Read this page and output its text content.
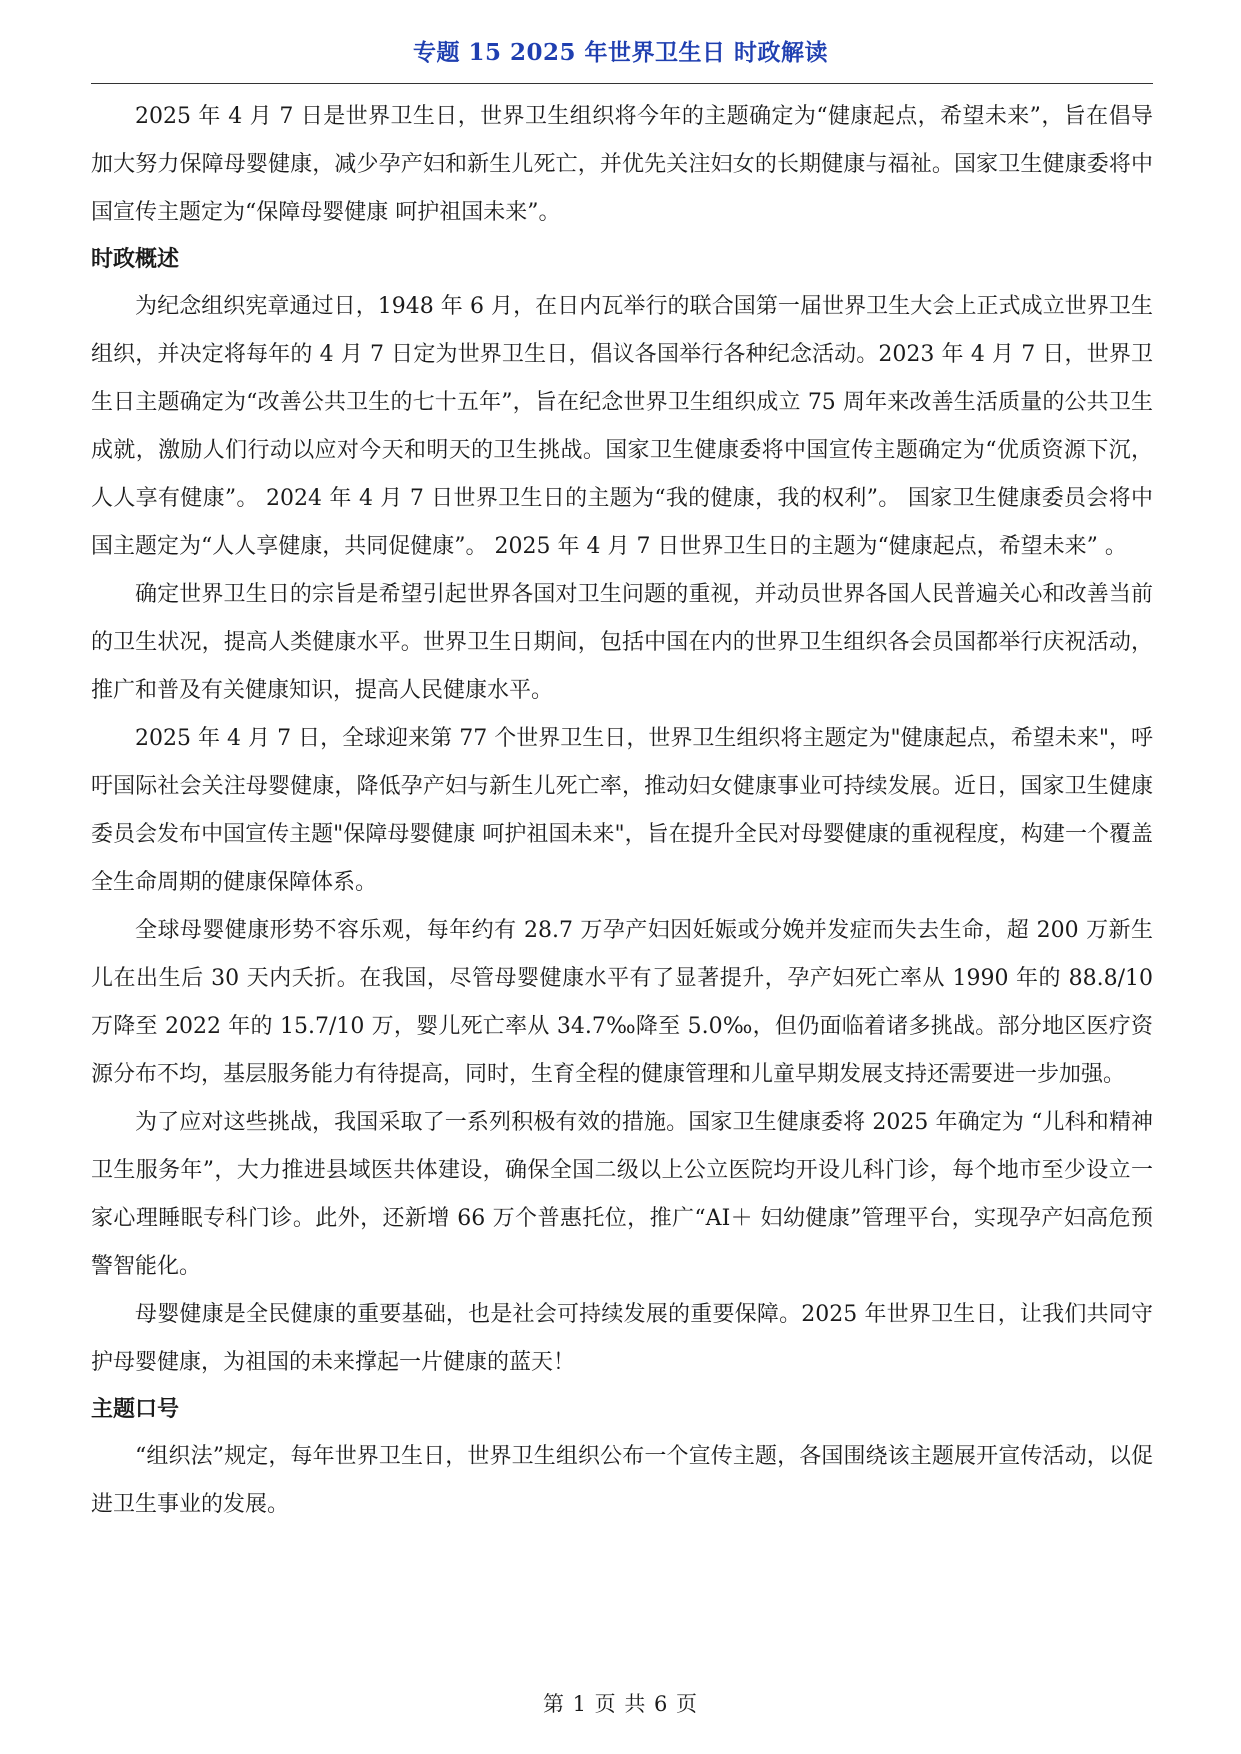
专题 15 2025 年世界卫生日 时政解读

2025 年 4 月 7 日是世界卫生日，世界卫生组织将今年的主题确定为“健康起点，希望未来”，旨在倡导加大努力保障母婴健康，减少孕产妇和新生儿死亡，并优先关注妇女的长期健康与福祉。国家卫生健康委将中国宣传主题定为“保障母婴健康 呵护祖国未来”。

时政概述

为纪念组织宪章通过日，1948 年 6 月，在日内瓦举行的联合国第一届世界卫生大会上正式成立世界卫生组织，并决定将每年的 4 月 7 日定为世界卫生日，倡议各国举行各种纪念活动。2023 年 4 月 7 日，世界卫生日主题确定为“改善公共卫生的七十五年”，旨在纪念世界卫生组织成立 75 周年来改善生活质量的公共卫生成就，激励人们行动以应对今天和明天的卫生挑战。国家卫生健康委将中国宣传主题确定为“优质资源下沉，人人享有健康”。 2024 年 4 月 7 日世界卫生日的主题为“我的健康，我的权利”。 国家卫生健康委员会将中国主题定为“人人享健康，共同促健康”。 2025 年 4 月 7 日世界卫生日的主题为“健康起点，希望未来” 。

确定世界卫生日的宗旨是希望引起世界各国对卫生问题的重视，并动员世界各国人民普遍关心和改善当前的卫生状况，提高人类健康水平。世界卫生日期间，包括中国在内的世界卫生组织各会员国都举行庆祝活动，推广和普及有关健康知识，提高人民健康水平。

2025 年 4 月 7 日，全球迎来第 77 个世界卫生日，世界卫生组织将主题定为"健康起点，希望未来"，呼吁国际社会关注母婴健康，降低孕产妇与新生儿死亡率，推动妇女健康事业可持续发展。近日，国家卫生健康委员会发布中国宣传主题"保障母婴健康 呵护祖国未来"，旨在提升全民对母婴健康的重视程度，构建一个覆盖全生命周期的健康保障体系。

全球母婴健康形势不容乐观，每年约有 28.7 万孕产妇因妊娠或分娩并发症而失去生命，超 200 万新生儿在出生后 30 天内夭折。在我国，尽管母婴健康水平有了显著提升，孕产妇死亡率从 1990 年的 88.8/10 万降至 2022 年的 15.7/10 万，婴儿死亡率从 34.7‰降至 5.0‰，但仍面临着诸多挑战。部分地区医疗资源分布不均，基层服务能力有待提高，同时，生育全程的健康管理和儿童早期发展支持还需要进一步加强。

为了应对这些挑战，我国采取了一系列积极有效的措施。国家卫生健康委将 2025 年确定为 “儿科和精神卫生服务年”，大力推进县域医共体建设，确保全国二级以上公立医院均开设儿科门诊，每个地市至少设立一家心理睡眠专科门诊。此外，还新增 66 万个普惠托位，推广“AI＋ 妇幼健康”管理平台，实现孕产妇高危预警智能化。

母婴健康是全民健康的重要基础，也是社会可持续发展的重要保障。2025 年世界卫生日，让我们共同守护母婴健康，为祖国的未来撑起一片健康的蓝天！

主题口号

“组织法”规定，每年世界卫生日，世界卫生组织公布一个宣传主题，各国围绕该主题展开宣传活动，以促进卫生事业的发展。

第 1 页 共 6 页
